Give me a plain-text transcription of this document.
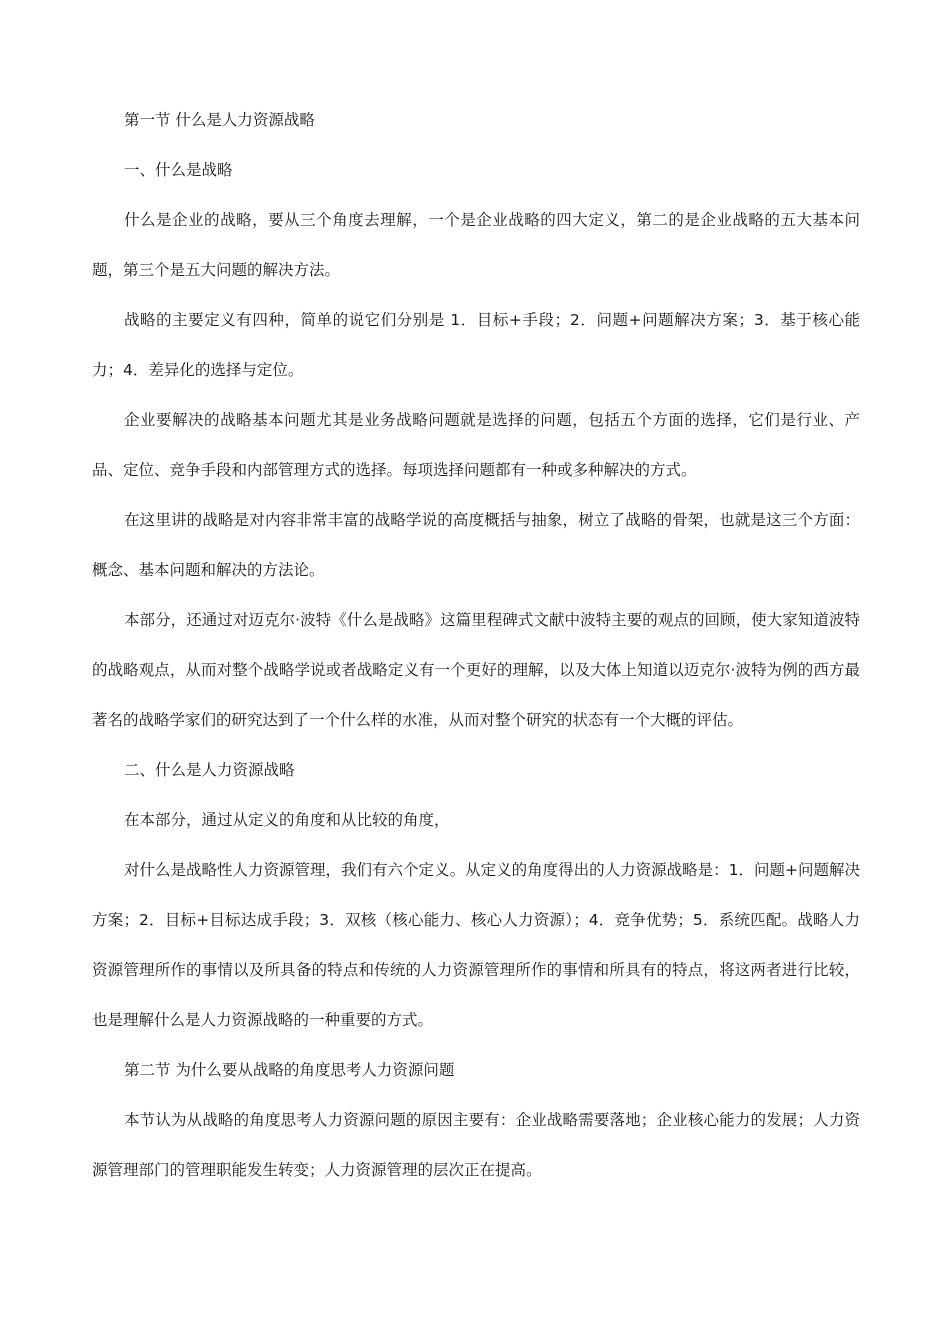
第一节 什么是人力资源战略

一、什么是战略

什么是企业的战略，要从三个角度去理解，一个是企业战略的四大定义，第二的是企业战略的五大基本问题，第三个是五大问题的解决方法。

战略的主要定义有四种，简单的说它们分别是 1．目标+手段；2．问题+问题解决方案；3．基于核心能力；4．差异化的选择与定位。

企业要解决的战略基本问题尤其是业务战略问题就是选择的问题，包括五个方面的选择，它们是行业、产品、定位、竞争手段和内部管理方式的选择。每项选择问题都有一种或多种解决的方式。

在这里讲的战略是对内容非常丰富的战略学说的高度概括与抽象，树立了战略的骨架，也就是这三个方面：概念、基本问题和解决的方法论。

本部分，还通过对迈克尔·波特《什么是战略》这篇里程碑式文献中波特主要的观点的回顾，使大家知道波特的战略观点，从而对整个战略学说或者战略定义有一个更好的理解，以及大体上知道以迈克尔·波特为例的西方最著名的战略学家们的研究达到了一个什么样的水准，从而对整个研究的状态有一个大概的评估。

二、什么是人力资源战略

在本部分，通过从定义的角度和从比较的角度，

对什么是战略性人力资源管理，我们有六个定义。从定义的角度得出的人力资源战略是：1．问题+问题解决方案；2．目标+目标达成手段；3．双核（核心能力、核心人力资源）；4．竞争优势；5．系统匹配。战略人力资源管理所作的事情以及所具备的特点和传统的人力资源管理所作的事情和所具有的特点，将这两者进行比较，也是理解什么是人力资源战略的一种重要的方式。

第二节 为什么要从战略的角度思考人力资源问题

本节认为从战略的角度思考人力资源问题的原因主要有：企业战略需要落地；企业核心能力的发展；人力资源管理部门的管理职能发生转变；人力资源管理的层次正在提高。
